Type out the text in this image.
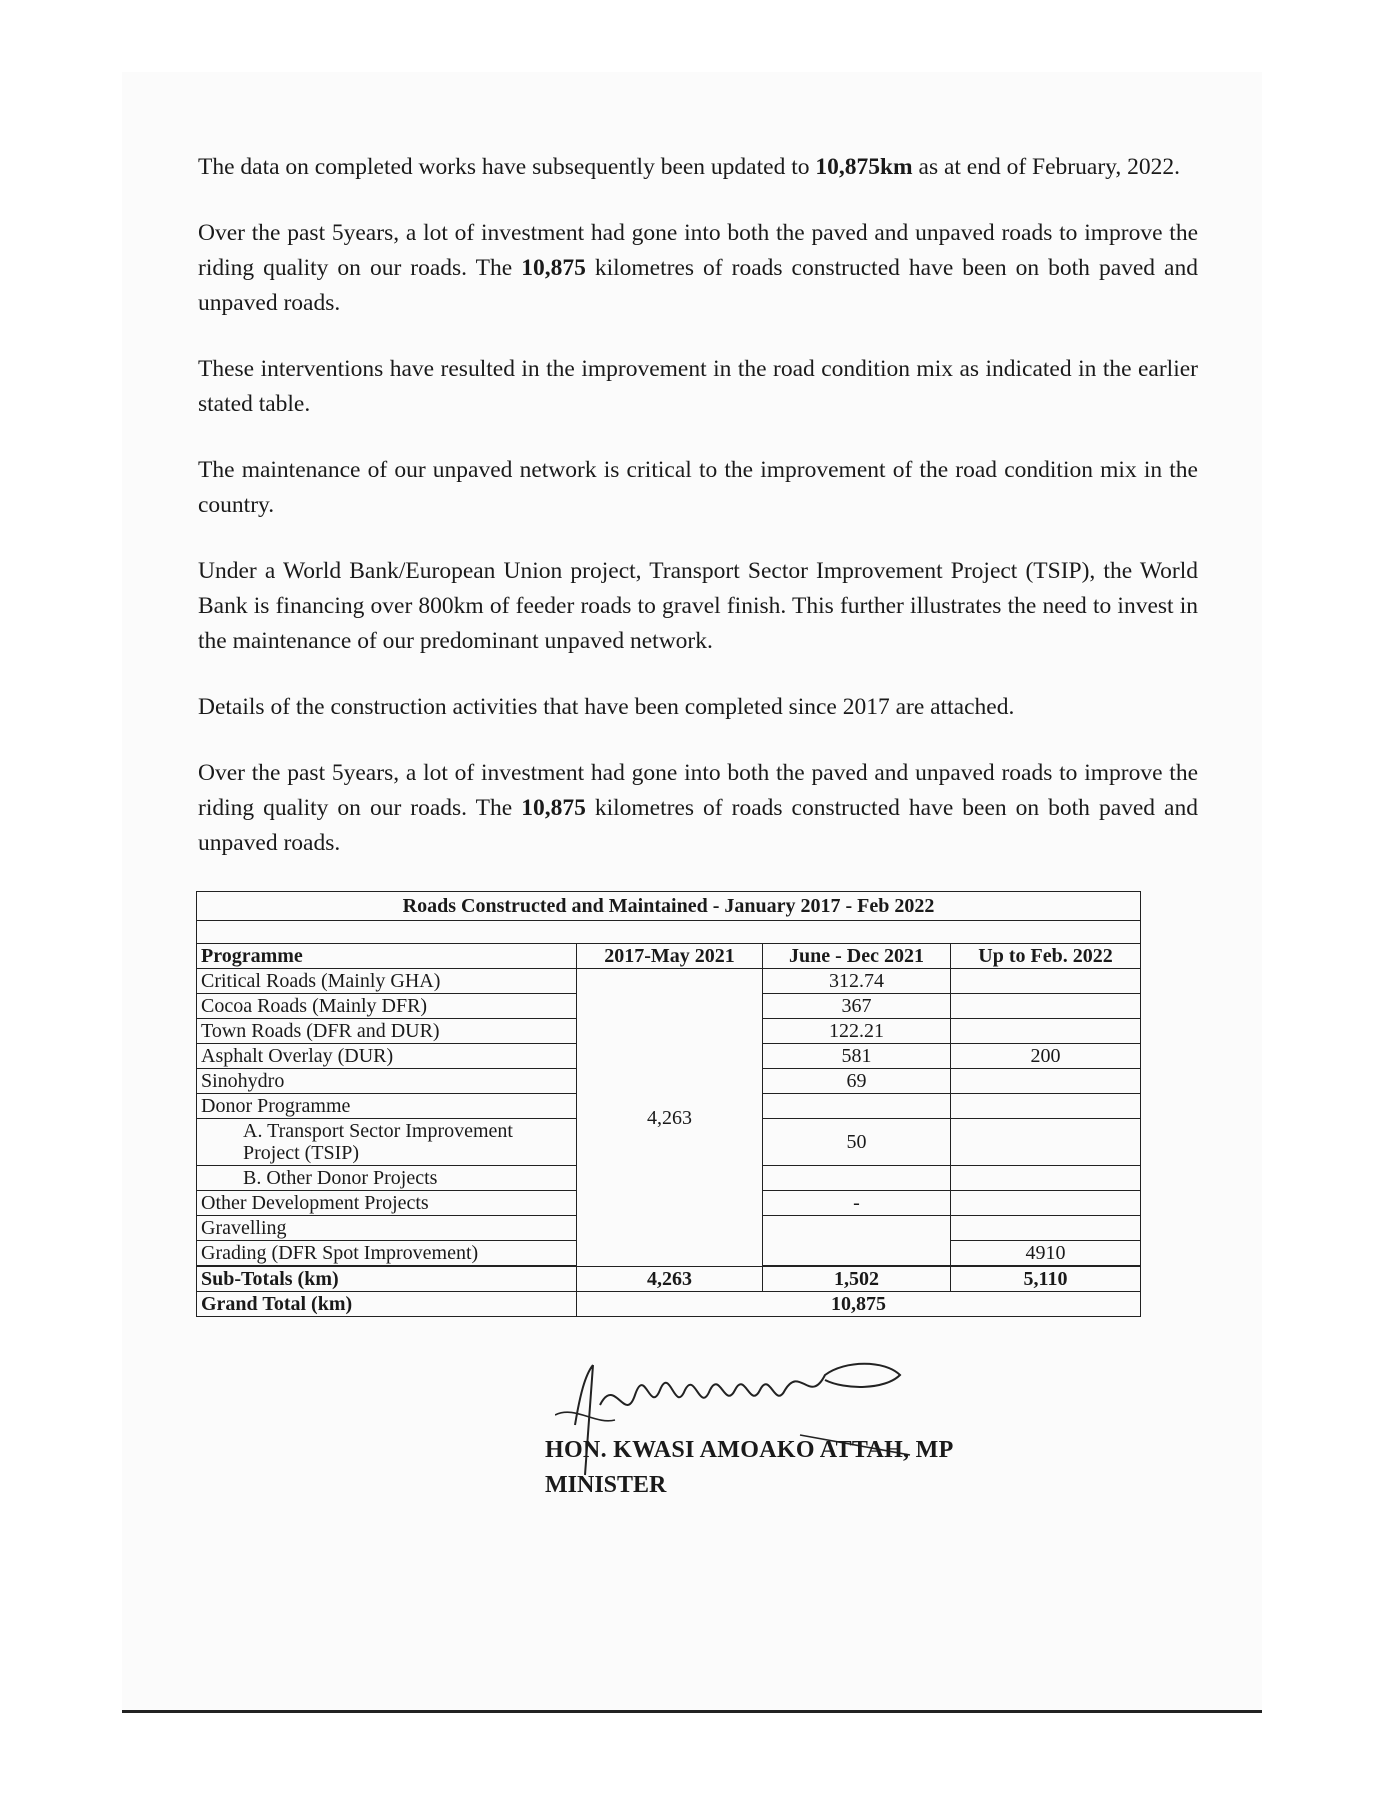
The data on completed works have subsequently been updated to 10,875km as at end of February, 2022.

Over the past 5years, a lot of investment had gone into both the paved and unpaved roads to improve the riding quality on our roads. The 10,875 kilometres of roads constructed have been on both paved and unpaved roads.

These interventions have resulted in the improvement in the road condition mix as indicated in the earlier stated table.

The maintenance of our unpaved network is critical to the improvement of the road condition mix in the country.

Under a World Bank/European Union project, Transport Sector Improvement Project (TSIP), the World Bank is financing over 800km of feeder roads to gravel finish. This further illustrates the need to invest in the maintenance of our predominant unpaved network.

Details of the construction activities that have been completed since 2017 are attached.

Over the past 5years, a lot of investment had gone into both the paved and unpaved roads to improve the riding quality on our roads. The 10,875 kilometres of roads constructed have been on both paved and unpaved roads.

Roads Constructed and Maintained - January 2017 - Feb 2022			

Programme	2017-May 2021	June - Dec 2021	Up to Feb. 2022
Critical Roads (Mainly GHA)	4,263	312.74	
Cocoa Roads (Mainly DFR)		367	
Town Roads (DFR and DUR)		122.21	
Asphalt Overlay (DUR)		581	200
Sinohydro		69	
Donor Programme			
A. Transport Sector Improvement Project (TSIP)		50	
B. Other Donor Projects			
Other Development Projects		-	
Gravelling			
Grading (DFR Spot Improvement)			4910

Sub-Totals (km)	4,263	1,502	5,110
Grand Total (km)	10,875		
HON. KWASI AMOAKO ATTAH, MP
MINISTER
